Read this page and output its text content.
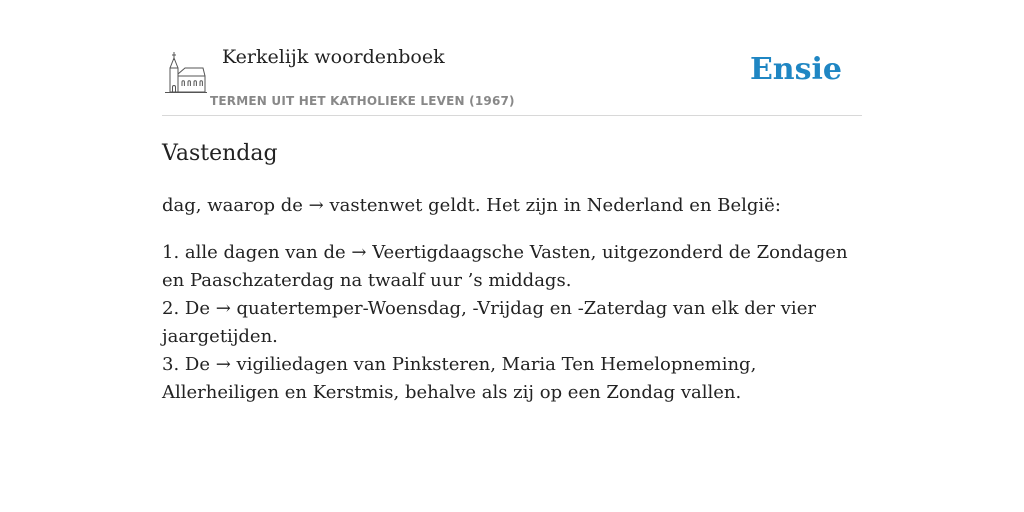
Kerkelijk woordenboek
TERMEN UIT HET KATHOLIEKE LEVEN (1967)
Ensie
Vastendag

dag, waarop de → vastenwet geldt. Het zijn in Nederland en België:

1. alle dagen van de → Veertigdaagsche Vasten, uitgezonderd de Zondagen en Paaschzaterdag na twaalf uur ’s middags.
2. De → quatertemper-Woensdag, -Vrijdag en -Zaterdag van elk der vier jaargetijden.
3. De → vigiliedagen van Pinksteren, Maria Ten Hemelopneming, Allerheiligen en Kerstmis, behalve als zij op een Zondag vallen.
